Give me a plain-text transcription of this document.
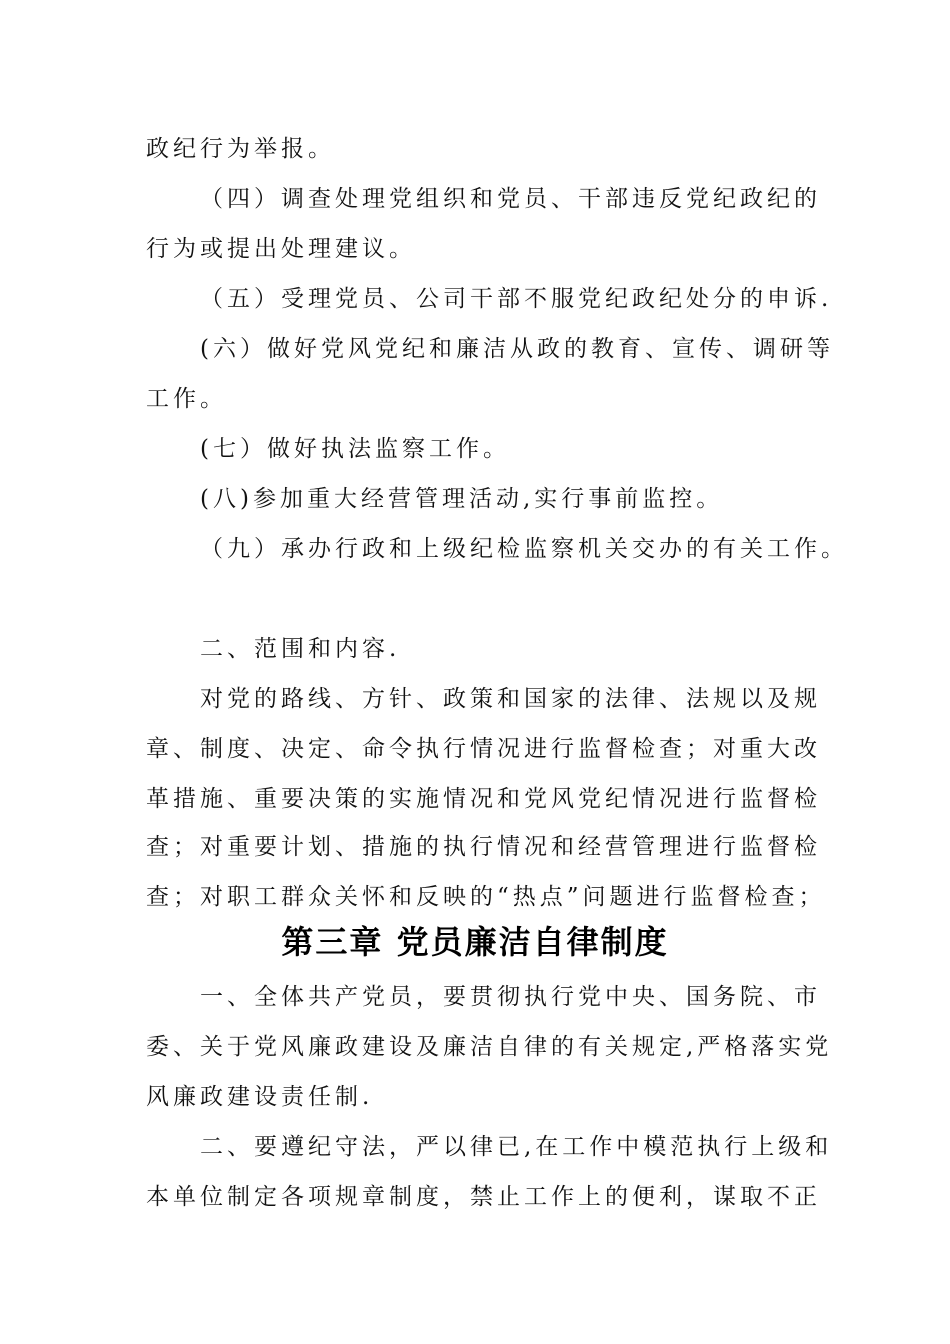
政纪行为举报。
（四）调查处理党组织和党员、干部违反党纪政纪的
行为或提出处理建议。
（五）受理党员、公司干部不服党纪政纪处分的申诉.
(六）做好党风党纪和廉洁从政的教育、宣传、调研等
工作。
(七）做好执法监察工作。
(八)参加重大经营管理活动,实行事前监控。
（九）承办行政和上级纪检监察机关交办的有关工作。
二、范围和内容.
对党的路线、方针、政策和国家的法律、法规以及规
章、制度、决定、命令执行情况进行监督检查；对重大改
革措施、重要决策的实施情况和党风党纪情况进行监督检
查；对重要计划、措施的执行情况和经营管理进行监督检
查；对职工群众关怀和反映的“热点”问题进行监督检查；
第三章 党员廉洁自律制度
一、全体共产党员，要贯彻执行党中央、国务院、市
委、关于党风廉政建设及廉洁自律的有关规定,严格落实党
风廉政建设责任制.
二、要遵纪守法，严以律已,在工作中模范执行上级和
本单位制定各项规章制度，禁止工作上的便利，谋取不正
